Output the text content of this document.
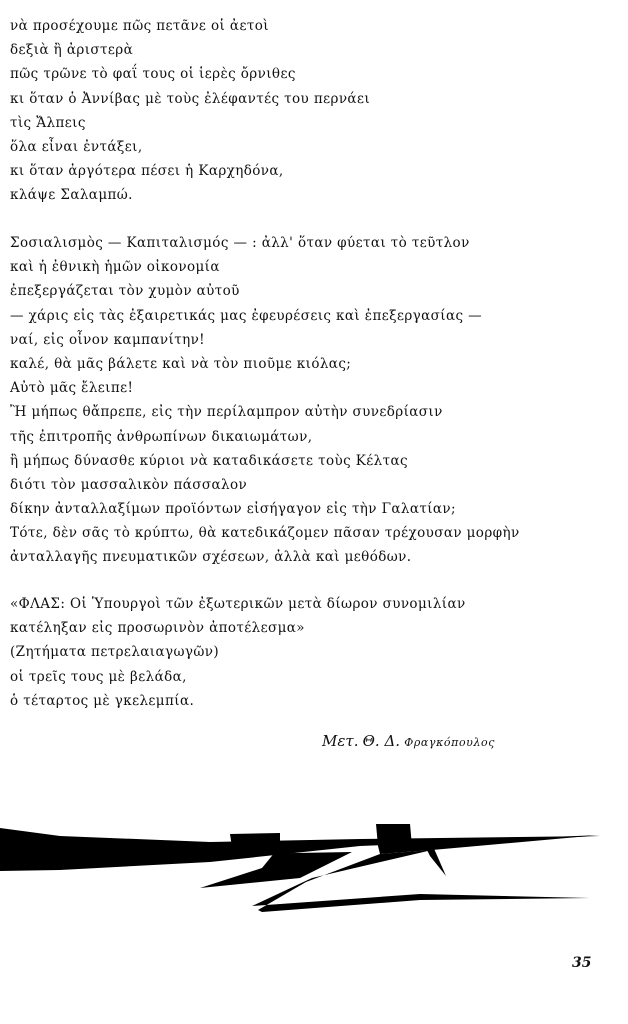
νὰ προσέχουμε πῶς πετᾶνε οἱ ἀετοὶ
δεξιὰ ἢ ἀριστερὰ
πῶς τρῶνε τὸ φαΐ τους οἱ ἱερὲς ὄρνιθες
κι ὅταν ὁ Ἀννίβας μὲ τοὺς ἐλέφαντές του περνάει
τὶς Ἄλπεις
ὅλα εἶναι ἐντάξει,
κι ὅταν ἀργότερα πέσει ἡ Καρχηδόνα,
κλάψε Σαλαμπώ.
Σοσιαλισμὸς — Καπιταλισμός — : ἀλλ' ὅταν φύεται τὸ τεῦτλον
καὶ ἡ ἐθνικὴ ἡμῶν οἰκονομία
ἐπεξεργάζεται τὸν χυμὸν αὐτοῦ
— χάρις εἰς τὰς ἐξαιρετικάς μας ἐφευρέσεις καὶ ἐπεξεργασίας —
ναί, εἰς οἶνον καμπανίτην!
καλέ, θὰ μᾶς βάλετε καὶ νὰ τὸν πιοῦμε κιόλας;
Αὐτὸ μᾶς ἔλειπε!
Ἢ μήπως θἄπρεπε, εἰς τὴν περίλαμπρον αὐτὴν συνεδρίασιν
τῆς ἐπιτροπῆς ἀνθρωπίνων δικαιωμάτων,
ἢ μήπως δύνασθε κύριοι νὰ καταδικάσετε τοὺς Κέλτας
διότι τὸν μασσαλικὸν πάσσαλον
δίκην ἀνταλλαξίμων προϊόντων εἰσήγαγον εἰς τὴν Γαλατίαν;
Τότε, δὲν σᾶς τὸ κρύπτω, θὰ κατεδικάζομεν πᾶσαν τρέχουσαν μορφὴν
ἀνταλλαγῆς πνευματικῶν σχέσεων, ἀλλὰ καὶ μεθόδων.
«ΦΛΑΣ: Οἱ Ὑπουργοὶ τῶν ἐξωτερικῶν μετὰ δίωρον συνομιλίαν
κατέληξαν εἰς προσωρινὸν ἀποτέλεσμα»
(Ζητήματα πετρελαιαγωγῶν)
οἱ τρεῖς τους μὲ βελάδα,
ὁ τέταρτος μὲ γκελεμπία.
Μετ. Θ. Δ. Φραγκόπουλος
35
